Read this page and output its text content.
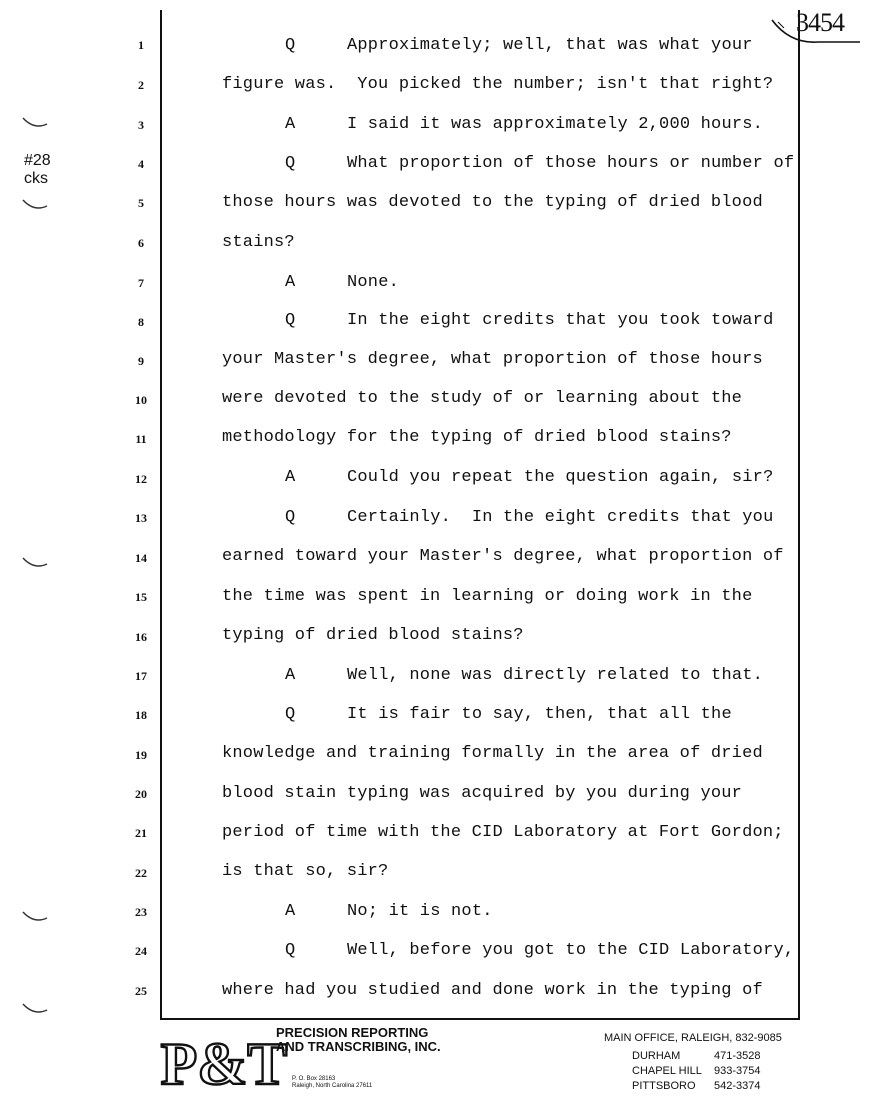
3454
#28
cks
1	Q	Approximately; well, that was what your
2	figure was.  You picked the number; isn't that right?
3	A	I said it was approximately 2,000 hours.
4	Q	What proportion of those hours or number of
5	those hours was devoted to the typing of dried blood
6	stains?
7	A	None.
8	Q	In the eight credits that you took toward
9	your Master's degree, what proportion of those hours
10	were devoted to the study of or learning about the
11	methodology for the typing of dried blood stains?
12	A	Could you repeat the question again, sir?
13	Q	Certainly.  In the eight credits that you
14	earned toward your Master's degree, what proportion of
15	the time was spent in learning or doing work in the
16	typing of dried blood stains?
17	A	Well, none was directly related to that.
18	Q	It is fair to say, then, that all the
19	knowledge and training formally in the area of dried
20	blood stain typing was acquired by you during your
21	period of time with the CID Laboratory at Fort Gordon;
22	is that so, sir?
23	A	No; it is not.
24	Q	Well, before you got to the CID Laboratory,
25	where had you studied and done work in the typing of
P&T
PRECISION REPORTING
AND TRANSCRIBING, INC.
P. O. Box 28163
Raleigh, North Carolina 27611
MAIN OFFICE, RALEIGH, 832-9085
DURHAM	471-3528
CHAPEL HILL 933-3754
PITTSBORO 542-3374
